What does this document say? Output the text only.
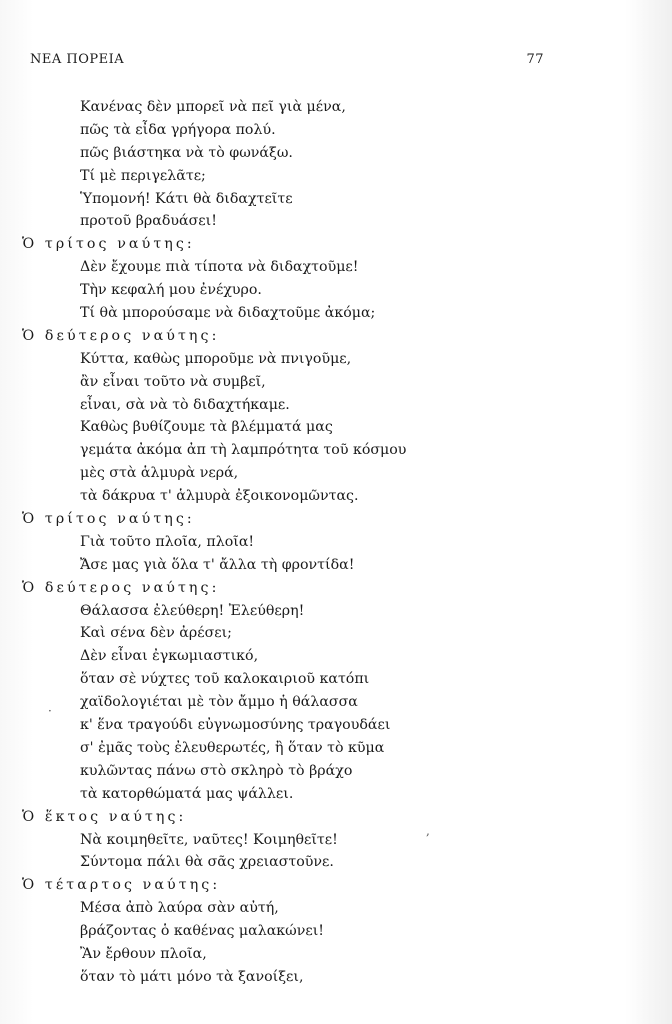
ΝΕΑ ΠΟΡΕΙΑ	77
Κανένας δὲν μπορεῖ νὰ πεῖ γιὰ μένα,
πῶς τὰ εἶδα γρήγορα πολύ.
πῶς βιάστηκα νὰ τὸ φωνάξω.
Τί μὲ περιγελᾶτε;
Ὑπομονή! Κάτι θὰ διδαχτεῖτε
προτοῦ βραδυάσει!
Ὁ τρίτος ναύτης:
Δὲν ἔχουμε πιὰ τίποτα νὰ διδαχτοῦμε!
Τὴν κεφαλή μου ἐνέχυρο.
Τί θὰ μπορούσαμε νὰ διδαχτοῦμε ἀκόμα;
Ὁ δεύτερος ναύτης:
Κύττα, καθὼς μποροῦμε νὰ πνιγοῦμε,
ἂν εἶναι τοῦτο νὰ συμβεῖ,
εἶναι, σὰ νὰ τὸ διδαχτήκαμε.
Καθὼς βυθίζουμε τὰ βλέμματά μας
γεμάτα ἀκόμα ἀπ τὴ λαμπρότητα τοῦ κόσμου
μὲς στὰ ἁλμυρὰ νερά,
τὰ δάκρυα τ' ἁλμυρὰ ἐξοικονομῶντας.
Ὁ τρίτος ναύτης:
Γιὰ τοῦτο πλοῖα, πλοῖα!
Ἄσε μας γιὰ ὅλα τ' ἄλλα τὴ φροντίδα!
Ὁ δεύτερος ναύτης:
Θάλασσα ἐλεύθερη! Ἐλεύθερη!
Καὶ σένα δὲν ἀρέσει;
Δὲν εἶναι ἐγκωμιαστικό,
ὅταν σὲ νύχτες τοῦ καλοκαιριοῦ κατόπι
χαϊδολογιέται μὲ τὸν ἄμμο ἡ θάλασσα
κ' ἕνα τραγούδι εὐγνωμοσύνης τραγουδάει
σ' ἐμᾶς τοὺς ἐλευθερωτές, ἢ ὅταν τὸ κῦμα
κυλῶντας πάνω στὸ σκληρὸ τὸ βράχο
τὰ κατορθώματά μας ψάλλει.
Ὁ ἕκτος ναύτης:
Νὰ κοιμηθεῖτε, ναῦτες! Κοιμηθεῖτε!
Σύντομα πάλι θὰ σᾶς χρειαστοῦνε.
Ὁ τέταρτος ναύτης:
Μέσα ἀπὸ λαύρα σὰν αὐτή,
βράζοντας ὁ καθένας μαλακώνει!
Ἂν ἔρθουν πλοῖα,
ὅταν τὸ μάτι μόνο τὰ ξανοίξει,
·
,
